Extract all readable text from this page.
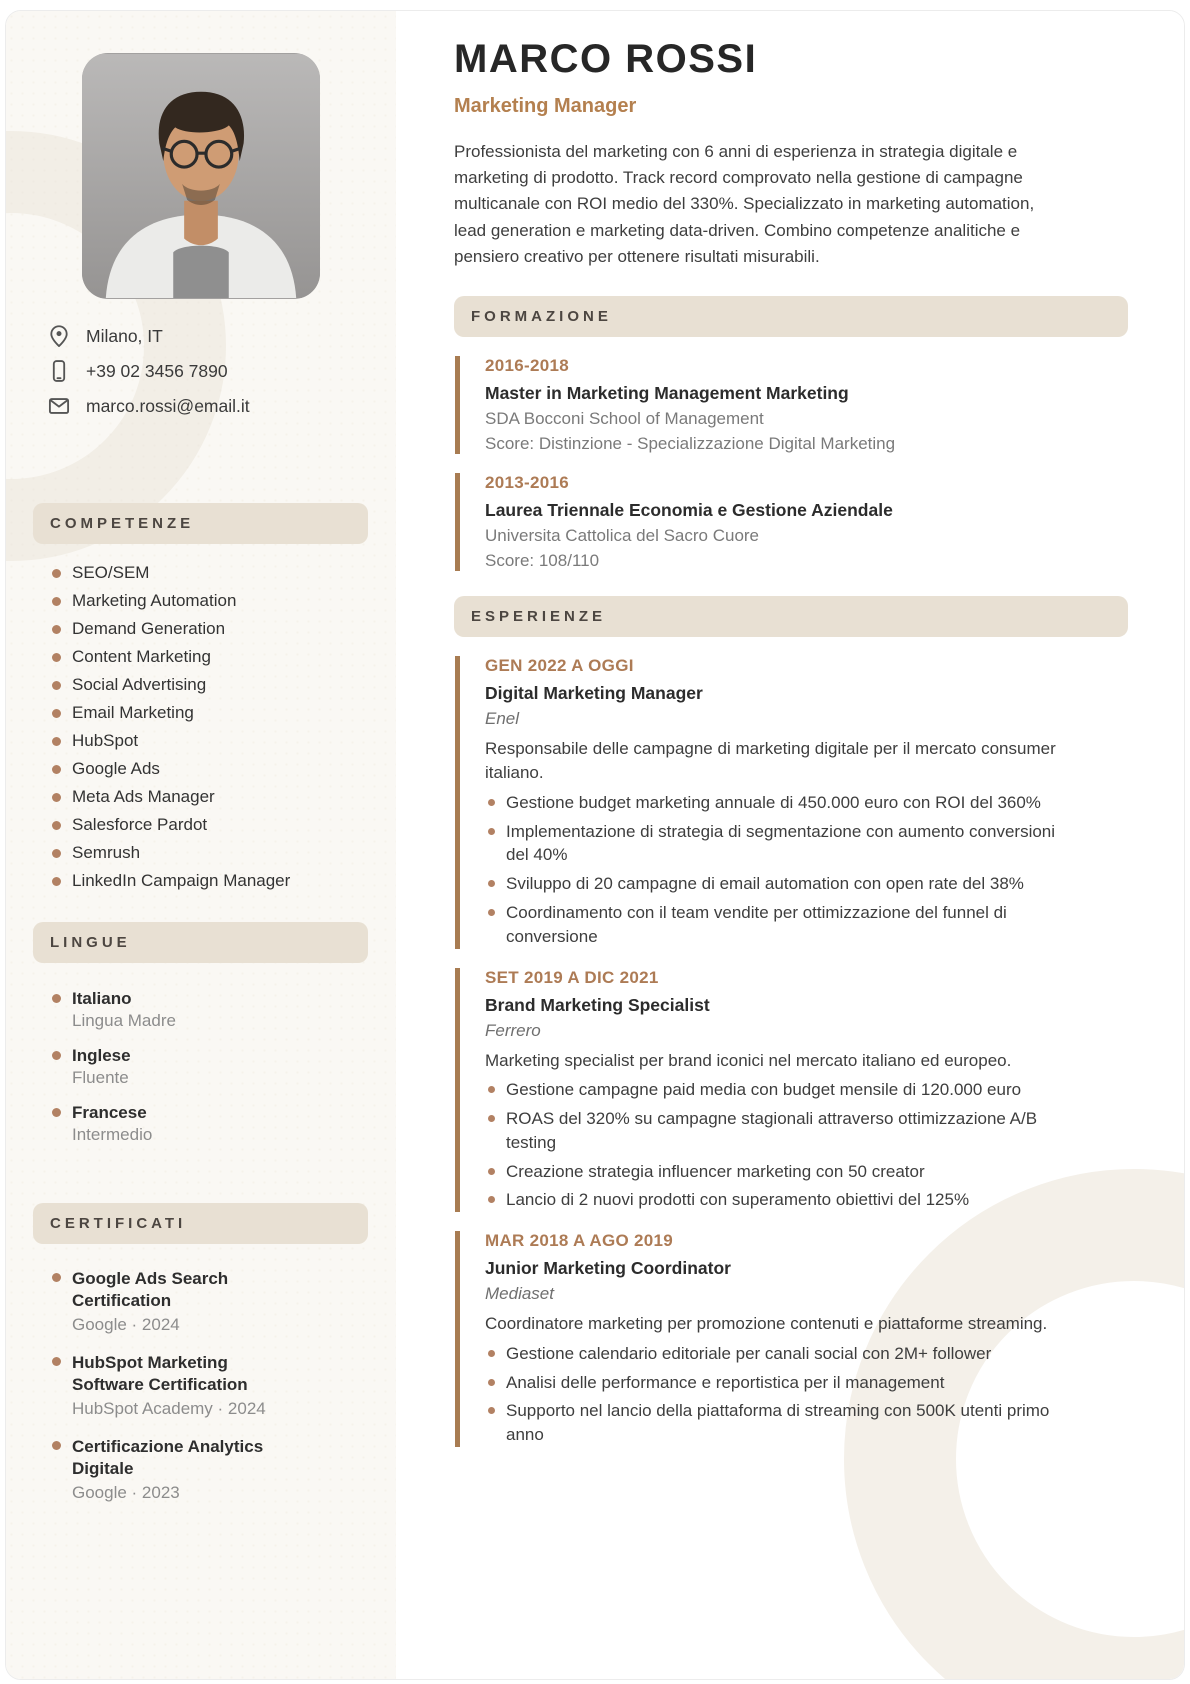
Milano, IT
+39 02 3456 7890
marco.rossi@email.it
COMPETENZE
SEO/SEM
Marketing Automation
Demand Generation
Content Marketing
Social Advertising
Email Marketing
HubSpot
Google Ads
Meta Ads Manager
Salesforce Pardot
Semrush
LinkedIn Campaign Manager
LINGUE
Italiano
Lingua Madre
Inglese
Fluente
Francese
Intermedio
CERTIFICATI
Google Ads Search Certification
Google · 2024
HubSpot Marketing Software Certification
HubSpot Academy · 2024
Certificazione Analytics Digitale
Google · 2023
MARCO ROSSI
Marketing Manager

Professionista del marketing con 6 anni di esperienza in strategia digitale e marketing di prodotto. Track record comprovato nella gestione di campagne multicanale con ROI medio del 330%. Specializzato in marketing automation, lead generation e marketing data-driven. Combino competenze analitiche e pensiero creativo per ottenere risultati misurabili.

FORMAZIONE
2016-2018
Master in Marketing Management Marketing
SDA Bocconi School of Management
Score: Distinzione - Specializzazione Digital Marketing
2013-2016
Laurea Triennale Economia e Gestione Aziendale
Universita Cattolica del Sacro Cuore
Score: 108/110
ESPERIENZE
GEN 2022 A OGGI
Digital Marketing Manager
Enel
Responsabile delle campagne di marketing digitale per il mercato consumer italiano.
Gestione budget marketing annuale di 450.000 euro con ROI del 360%
Implementazione di strategia di segmentazione con aumento conversioni del 40%
Sviluppo di 20 campagne di email automation con open rate del 38%
Coordinamento con il team vendite per ottimizzazione del funnel di conversione
SET 2019 A DIC 2021
Brand Marketing Specialist
Ferrero
Marketing specialist per brand iconici nel mercato italiano ed europeo.
Gestione campagne paid media con budget mensile di 120.000 euro
ROAS del 320% su campagne stagionali attraverso ottimizzazione A/B testing
Creazione strategia influencer marketing con 50 creator
Lancio di 2 nuovi prodotti con superamento obiettivi del 125%
MAR 2018 A AGO 2019
Junior Marketing Coordinator
Mediaset
Coordinatore marketing per promozione contenuti e piattaforme streaming.
Gestione calendario editoriale per canali social con 2M+ follower
Analisi delle performance e reportistica per il management
Supporto nel lancio della piattaforma di streaming con 500K utenti primo anno
